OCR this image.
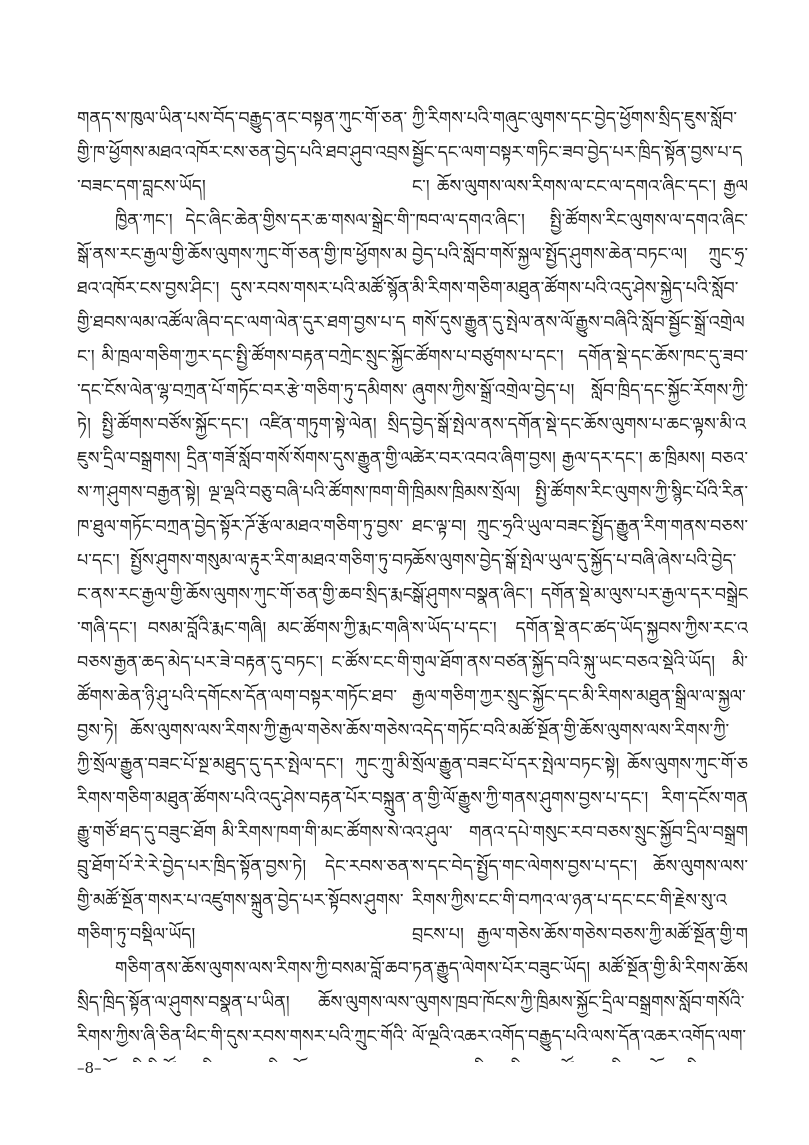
གནད་ས་ཁུལ་ཡིན་པས་བོད་བརྒྱུད་ནང་བསྟན་ཀུང་གོ་ཅན་གྱི་ཁ་ཕྱོགས་མཐའ་འཁོར་ངས་ཅན་བྱེད་པའི་ཐབ་ཤུབ་འབྲས་བཟང་དག་བླངས་ཡོད།

ཁྱིན་ཀང་། དེང་ཞིང་ཆེན་གྱིས་དར་ཆ་གསལ་སྒྲེང་གི་སྒོ་ནས་རང་རྒྱལ་གྱི་ཆོས་ལུགས་ཀུང་གོ་ཅན་གྱི་ཁ་ཕྱོགས་མཐའ་འཁོར་ངས་བྱས་ཤིང་། དུས་རབས་གསར་པའི་མཚོ་སྙོན་གྱི་ཐབས་ལམ་འཚོལ་ཞིབ་དང་ལག་ལེན་དུར་ཐག་བྱས་པ་དང་། མི་ཁྲལ་གཅིག་ཀྱར་དང་སྤྱི་ཚོགས་བརྟན་བཀྲེང་སྲུང་སྐྱོང་དང་ངོས་ལེན་ལྷ་བཀྲན་པོ་གཏོང་བར་རྩེ་གཅིག་ཏུ་དམིགས་ཏེ། སྤྱི་ཚོགས་བཙོས་སྐྱོང་དང་། འཛིན་གཏུག་སྟེ་ལེན། སྲིད་ཇུས་དྲིལ་བསྒྲགས། དྲིན་གཟོ་སློབ་གསོ་སོགས་དུས་རྒྱུན་གྱི་ལས་ཀ་ཤུགས་བརྒྱན་སྟེ། ལྔ་ལྡའི་བཅུ་བཞི་པའི་ཚོགས་ཁག་གི་ཁ་ཐུལ་གཏོང་བཀྲན་བྱེད་སྟོར་ཌོ་རྩོལ་མཐའ་གཅིག་ཏུ་བྱས་པ་དང་། སྤྱོས་ཤུགས་གསུམ་ལ་རྟུར་རིག་མཐའ་གཅིག་ཏུ་བཏང་ནས་རང་རྒྱལ་གྱི་ཆོས་ལུགས་ཀུང་གོ་ཅན་གྱི་ཆབ་སྲིད་རྨང་གཞི་དང་། བསམ་བློའི་རྨང་གཞི། མང་ཚོགས་ཀྱི་རྨང་གཞི་བཅས་རྒྱན་ཆད་མེད་པར་ཟེ་བརྟན་དུ་བཏང་། ང་ཚོས་ངང་གི་ཚོགས་ཆེན་ཉི་ཤུ་པའི་དགོངས་དོན་ལག་བསྟར་གཏོང་ཐབ་བྱས་ཏེ། ཆོས་ལུགས་ལས་རིགས་ཀྱི་རྒྱལ་གཅེས་ཆོས་གཅེས་ཀྱི་སྲོལ་རྒྱུན་བཟང་པོ་སྔ་མཐུད་དུ་དར་སྤེལ་དང་། ཀུང་ཀྲུ་མི་རིགས་གཅིག་མཐུན་ཚོགས་པའི་འདུ་ཤེས་བརྟན་པོར་བསྐྲུན་རྒྱུ་གཙོ་ཐད་དུ་བཟུང་ཐོག མི་རིགས་ཁག་གི་མང་ཚོགས་སེ་འབྲུ་ཐོག་པོ་རེ་རེ་བྱེད་པར་ཁྲིད་སྟོན་བྱས་ཏེ། དེང་རབས་ཅན་གྱི་མཚོ་སྔོན་གསར་པ་འཛུགས་སྐྲུན་བྱེད་པར་སྟོབས་ཤུགས་གཅིག་ཏུ་བསྡིལ་ཡོད།

གཅིག་ནས་ཆོས་ལུགས་ལས་རིགས་ཀྱི་བསམ་བློ་ཆབ་སྲིད་ཁྲིད་སྟོན་ལ་ཤུགས་བསྣན་པ་ཡིན། ཆོས་ལུགས་ལས་རིགས་ཀྱིས་ཞི་ཅིན་ཕིང་གི་དུས་རབས་གསར་པའི་ཀྲུང་གོའི་

ཀྱི་རིགས་པའི་གཞུང་ལུགས་དང་བྱེད་ཕྱོགས་སྲིད་ཇུས་སློབ་སྦྱོང་དང་ལག་བསྟར་གཏིང་ཟབ་བྱེད་པར་ཁྲིད་སྟོན་བྱས་པ་དང་། ཆོས་ལུགས་ལས་རིགས་ལ་ངང་ལ་དགའ་ཞིང་དང་། རྒྱལ་ཁབ་ལ་དགའ་ཞིང་། སྤྱི་ཚོགས་རིང་ལུགས་ལ་དགའ་ཞིང་བྱེད་པའི་སློབ་གསོ་སྐྱལ་སྤྱོད་ཤུགས་ཆེན་བཏང་ལ། ཀྲུང་ཧྲ་མི་རིགས་གཅིག་མཐུན་ཚོགས་པའི་འདུ་ཤེས་སྐྱེད་པའི་སློབ་གསོ་དུས་རྒྱུན་དུ་སྤེལ་ནས་ལོ་རྒྱུས་བཞིའི་སློབ་སྦྱོང་སྒྲོ་འགྲེལ་ཚོགས་པ་བཙུགས་པ་དང་། དགོན་སྡེ་དང་ཆོས་ཁང་དུ་ཟབ་ཞུགས་ཀྱིས་སྒྲོ་འགྲེལ་བྱེད་པ། སློབ་ཁྲིད་དང་སྐྱོང་རོགས་ཀྱི་བྱེད་སྒོ་སྤེལ་ནས་དགོན་སྡེ་དང་ཆོས་ལུགས་པ་ཆང་ལྟས་མི་འཚེར་བར་འབའ་ཞིག་བྱས། རྒྱལ་དར་དང་། ཆ་ཁྲིམས། བཅའ་ཁྲིམས་ཁྲིམས་སྲོལ། སྤྱི་ཚོགས་རིང་ལུགས་ཀྱི་སྙིང་པོའི་རིན་ཐང་ལྟ་བ། ཀྲུང་ཧྲའི་ཡུལ་བཟང་སྤྱོད་རྒྱུན་རིག་གནས་བཅས་ཆོས་ལུགས་བྱེད་སྒོ་སྤེལ་ཡུལ་དུ་སྐྱོད་པ་བཞི་ཞེས་པའི་བྱེད་སྒོ་ཤུགས་བསྣན་ཞིང་། དགོན་སྡེ་མ་ལུས་པར་རྒྱལ་དར་བསྒྲེངས་ཡོད་པ་དང་། དགོན་སྡེ་ནང་ཚད་ཡོད་སྐྱབས་ཀྱིས་རང་འགུལ་ཐོག་ནས་བཙན་སྐྱོད་བའི་སྐུ་ཡང་བཅའ་སྡེའི་ཡོད། མི་རྒྱལ་གཅིག་ཀྱར་སྲུང་སྐྱོང་དང་མི་རིགས་མཐུན་སྒྲིལ་ལ་སྐྱལ་འདེད་གཏོང་བའི་མཚོ་སྔོན་གྱི་ཆོས་ལུགས་ལས་རིགས་ཀྱི་སྲོལ་རྒྱུན་བཟང་པོ་དར་སྤེལ་བཏང་སྟེ། ཆོས་ལུགས་ཀུང་གོ་ཅན་གྱི་ལོ་རྒྱུས་ཀྱི་གནས་ཤུགས་བྱས་པ་དང་། རིག་དངོས་གནའ་ཤུལ་ གནའ་དཔེ་གསུང་རབ་བཅས་སྲུང་སྐྱོབ་དྲིལ་བསྒྲགས་དང་བེད་སྤྱོད་གང་ལེགས་བྱས་པ་དང་། ཆོས་ལུགས་ལས་རིགས་ཀྱིས་ངང་གི་བཀའ་ལ་ཉན་པ་དང་ངང་གི་རྗེས་སུ་འབྲངས་པ། རྒྱལ་གཅེས་ཆོས་གཅེས་བཅས་ཀྱི་མཚོ་སྔོན་གྱི་གཏན་རྒྱུད་ལེགས་པོར་བཟུང་ཡོད། མཚོ་སྔོན་གྱི་མི་རིགས་ཆོས་ལུགས་ཁྲབ་ཁོངས་ཀྱི་ཁྲིམས་སྐྱོང་དྲིལ་བསྒྲགས་སློབ་གསོའི་ལོ་ལྔའི་འཆར་འགོད་བརྒྱུད་པའི་ལས་དོན་འཆར་འགོད་ལག་

–8–
